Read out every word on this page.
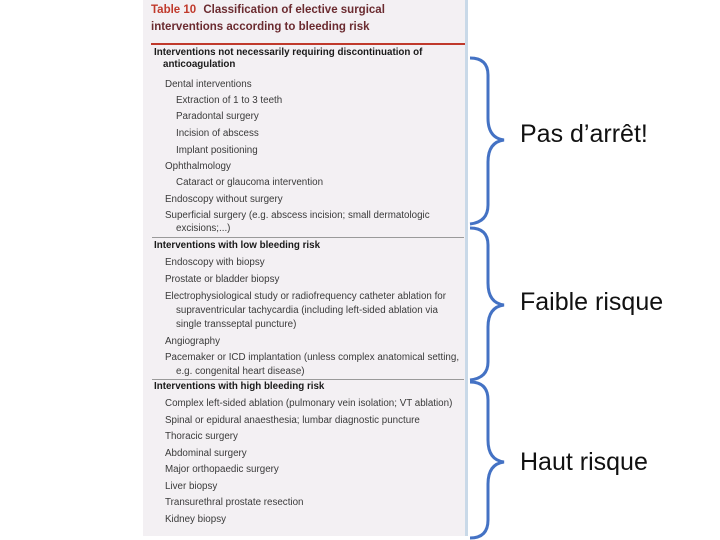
Table 10 Classification of elective surgical
interventions according to bleeding risk
Interventions not necessarily requiring discontinuation of
anticoagulation
Dental interventions
Extraction of 1 to 3 teeth
Paradontal surgery
Incision of abscess
Implant positioning
Ophthalmology
Cataract or glaucoma intervention
Endoscopy without surgery
Superficial surgery (e.g. abscess incision; small dermatologic
excisions;...)
Interventions with low bleeding risk
Endoscopy with biopsy
Prostate or bladder biopsy
Electrophysiological study or radiofrequency catheter ablation for
supraventricular tachycardia (including left-sided ablation via
single transseptal puncture)
Angiography
Pacemaker or ICD implantation (unless complex anatomical setting,
e.g. congenital heart disease)
Interventions with high bleeding risk
Complex left-sided ablation (pulmonary vein isolation; VT ablation)
Spinal or epidural anaesthesia; lumbar diagnostic puncture
Thoracic surgery
Abdominal surgery
Major orthopaedic surgery
Liver biopsy
Transurethral prostate resection
Kidney biopsy
Pas d’arrêt!
Faible risque
Haut risque
